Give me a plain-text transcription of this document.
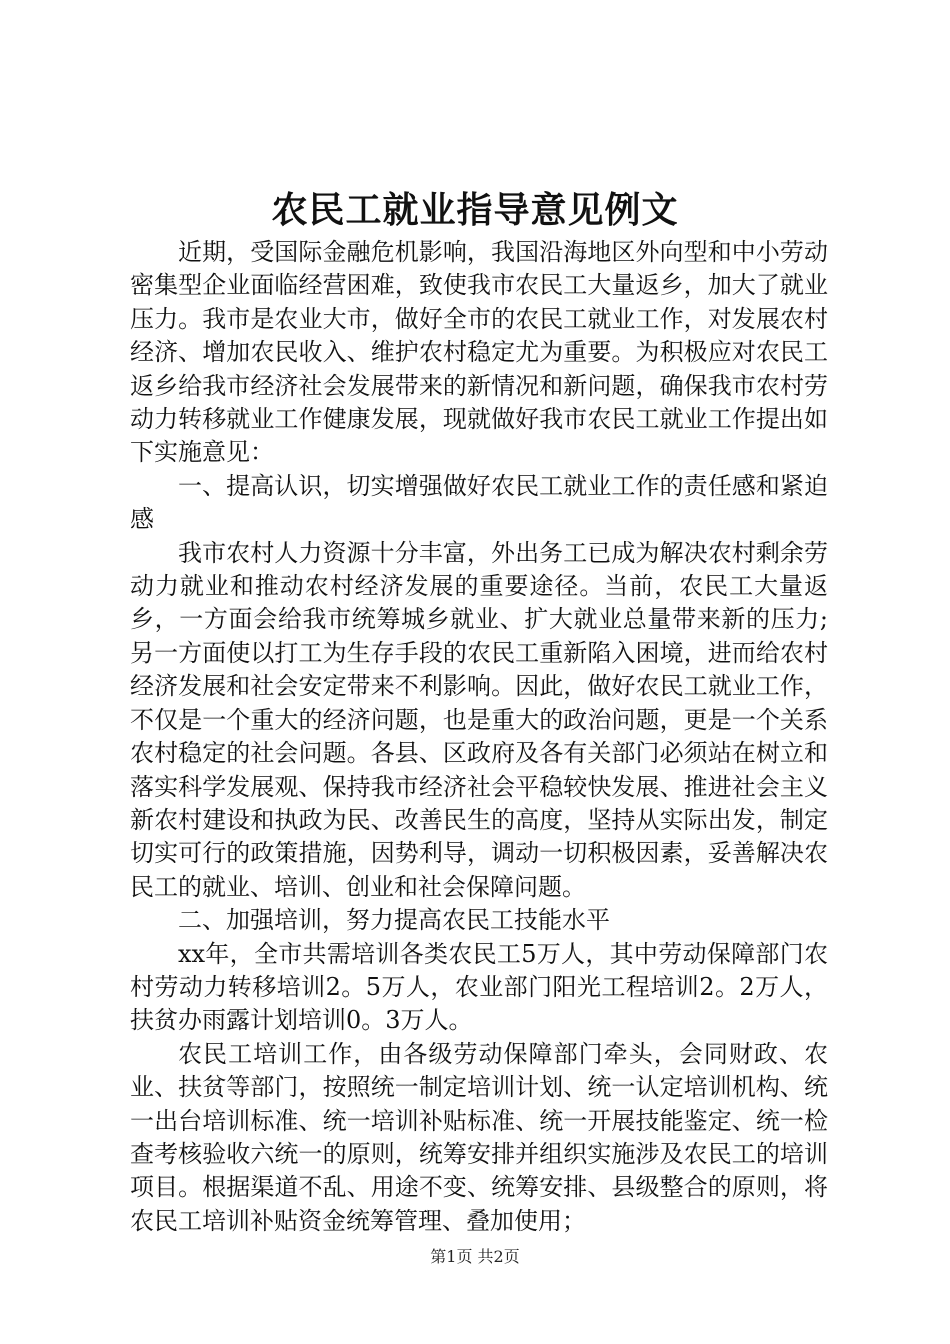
农民工就业指导意见例文

近期，受国际金融危机影响，我国沿海地区外向型和中小劳动密集型企业面临经营困难，致使我市农民工大量返乡，加大了就业压力。我市是农业大市，做好全市的农民工就业工作，对发展农村经济、增加农民收入、维护农村稳定尤为重要。为积极应对农民工返乡给我市经济社会发展带来的新情况和新问题，确保我市农村劳动力转移就业工作健康发展，现就做好我市农民工就业工作提出如下实施意见：

一、提高认识，切实增强做好农民工就业工作的责任感和紧迫感

我市农村人力资源十分丰富，外出务工已成为解决农村剩余劳动力就业和推动农村经济发展的重要途径。当前，农民工大量返乡，一方面会给我市统筹城乡就业、扩大就业总量带来新的压力;另一方面使以打工为生存手段的农民工重新陷入困境，进而给农村经济发展和社会安定带来不利影响。因此，做好农民工就业工作，不仅是一个重大的经济问题，也是重大的政治问题，更是一个关系农村稳定的社会问题。各县、区政府及各有关部门必须站在树立和落实科学发展观、保持我市经济社会平稳较快发展、推进社会主义新农村建设和执政为民、改善民生的高度，坚持从实际出发，制定切实可行的政策措施，因势利导，调动一切积极因素，妥善解决农民工的就业、培训、创业和社会保障问题。

二、加强培训，努力提高农民工技能水平

xx年，全市共需培训各类农民工5万人，其中劳动保障部门农村劳动力转移培训2。5万人，农业部门阳光工程培训2。2万人，扶贫办雨露计划培训0。3万人。

农民工培训工作，由各级劳动保障部门牵头，会同财政、农业、扶贫等部门，按照统一制定培训计划、统一认定培训机构、统一出台培训标准、统一培训补贴标准、统一开展技能鉴定、统一检查考核验收六统一的原则，统筹安排并组织实施涉及农民工的培训项目。根据渠道不乱、用途不变、统筹安排、县级整合的原则，将农民工培训补贴资金统筹管理、叠加使用；

第1页 共2页
